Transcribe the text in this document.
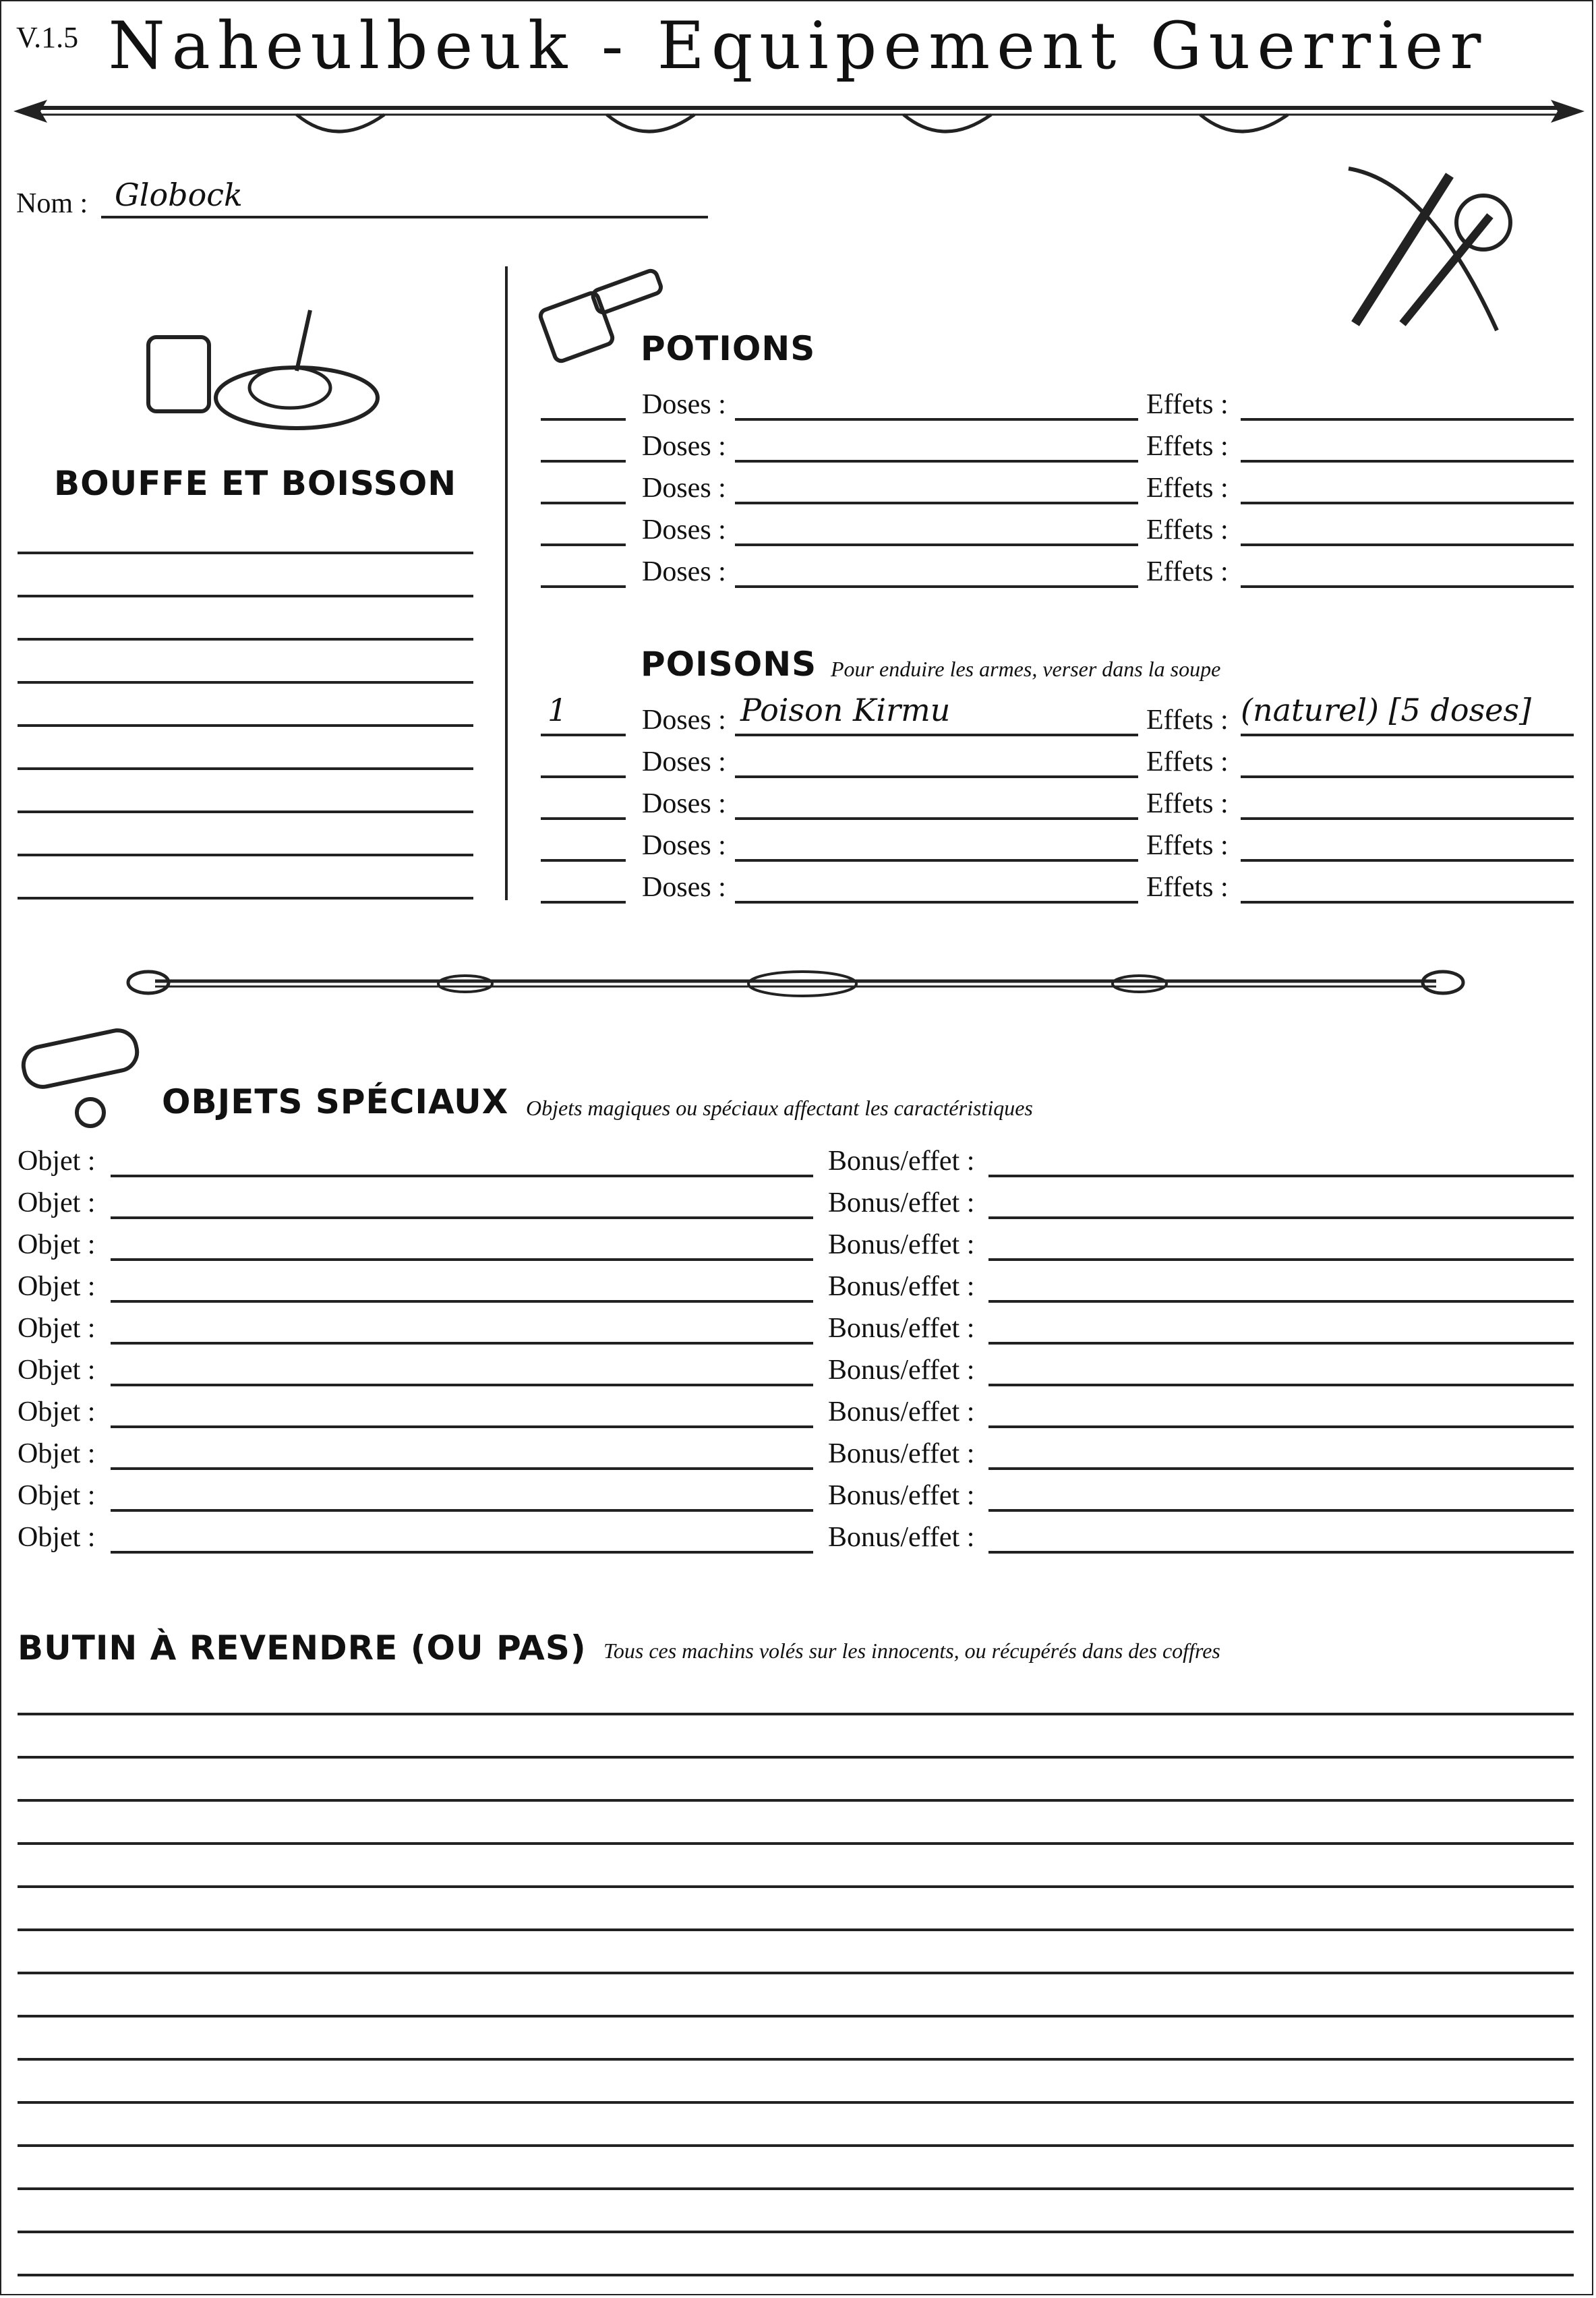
V.1.5 Naheulbeuk - Equipement Guerrier
Nom : Globock
BOUFFE ET BOISSON
POTIONS
POISONS Pour enduire les armes, verser dans la soupe
OBJETS SPÉCIAUX Objets magiques ou spéciaux affectant les caractéristiques
BUTIN À REVENDRE (OU PAS) Tous ces machins volés sur les innocents, ou récupérés dans des coffres
Doses :	Effets :
Doses :	Effets :
Doses :	Effets :
Doses :	Effets :
Doses :	Effets :
1	Doses : Poison Kirmu	Effets : (naturel) [5 doses]
Doses :	Effets :
Doses :	Effets :
Doses :	Effets :
Doses :	Effets :
Objet :	Bonus/effet :
Objet :	Bonus/effet :
Objet :	Bonus/effet :
Objet :	Bonus/effet :
Objet :	Bonus/effet :
Objet :	Bonus/effet :
Objet :	Bonus/effet :
Objet :	Bonus/effet :
Objet :	Bonus/effet :
Objet :	Bonus/effet :
